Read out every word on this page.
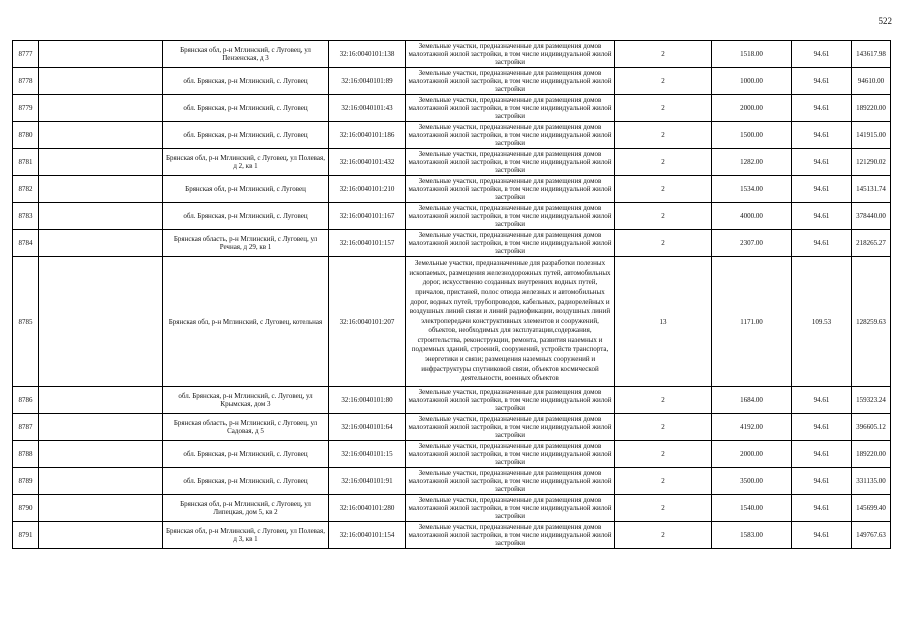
522
8777		Брянская обл, р-н Мглинский, с Луговец, ул Пензенская, д 3	32:16:0040101:138	Земельные участки, предназначенные для размещения домов малоэтажной жилой застройки, в том числе индивидуальной жилой застройки	2	1518.00	94.61	143617.98
8778		обл. Брянская, р-н Мглинский, с. Луговец	32:16:0040101:89	Земельные участки, предназначенные для размещения домов малоэтажной жилой застройки, в том числе индивидуальной жилой застройки	2	1000.00	94.61	94610.00
8779		обл. Брянская, р-н Мглинский, с. Луговец	32:16:0040101:43	Земельные участки, предназначенные для размещения домов малоэтажной жилой застройки, в том числе индивидуальной жилой застройки	2	2000.00	94.61	189220.00
8780		обл. Брянская, р-н Мглинский, с. Луговец	32:16:0040101:186	Земельные участки, предназначенные для размещения домов малоэтажной жилой застройки, в том числе индивидуальной жилой застройки	2	1500.00	94.61	141915.00
8781		Брянская обл, р-н Мглинский, с Луговец, ул Полевая, д 2, кв 1	32:16:0040101:432	Земельные участки, предназначенные для размещения домов малоэтажной жилой застройки, в том числе индивидуальной жилой застройки	2	1282.00	94.61	121290.02
8782		Брянская обл, р-н Мглинский, с Луговец	32:16:0040101:210	Земельные участки, предназначенные для размещения домов малоэтажной жилой застройки, в том числе индивидуальной жилой застройки	2	1534.00	94.61	145131.74
8783		обл. Брянская, р-н Мглинский, с. Луговец	32:16:0040101:167	Земельные участки, предназначенные для размещения домов малоэтажной жилой застройки, в том числе индивидуальной жилой застройки	2	4000.00	94.61	378440.00
8784		Брянская область, р-н Мглинский, с Луговец, ул Речная, д 29, кв 1	32:16:0040101:157	Земельные участки, предназначенные для размещения домов малоэтажной жилой застройки, в том числе индивидуальной жилой застройки	2	2307.00	94.61	218265.27
8785		Брянская обл, р-н Мглинский, с Луговец, котельная	32:16:0040101:207	Земельные участки, предназначенные для разработки полезных ископаемых, размещения железнодорожных путей, автомобильных дорог, искусственно созданных внутренних водных путей, причалов, пристаней, полос отвода железных и автомобильных дорог, водных путей, трубопроводов, кабельных, радиорелейных и воздушных линий связи и линий радиофикации, воздушных линий электропередачи конструктивных элементов и сооружений, объектов, необходимых для эксплуатации,содержания, строительства, реконструкции, ремонта, развития наземных и подземных зданий, строений, сооружений, устройств транспорта, энергетики и связи; размещения наземных сооружений и инфраструктуры спутниковой связи, объектов космической деятельности, военных объектов	13	1171.00	109.53	128259.63
8786		обл. Брянская, р-н Мглинский, с. Луговец, ул Крымская, дом 3	32:16:0040101:80	Земельные участки, предназначенные для размещения домов малоэтажной жилой застройки, в том числе индивидуальной жилой застройки	2	1684.00	94.61	159323.24
8787		Брянская область, р-н Мглинский, с Луговец, ул Садовая, д 5	32:16:0040101:64	Земельные участки, предназначенные для размещения домов малоэтажной жилой застройки, в том числе индивидуальной жилой застройки	2	4192.00	94.61	396605.12
8788		обл. Брянская, р-н Мглинский, с. Луговец	32:16:0040101:15	Земельные участки, предназначенные для размещения домов малоэтажной жилой застройки, в том числе индивидуальной жилой застройки	2	2000.00	94.61	189220.00
8789		обл. Брянская, р-н Мглинский, с. Луговец	32:16:0040101:91	Земельные участки, предназначенные для размещения домов малоэтажной жилой застройки, в том числе индивидуальной жилой застройки	2	3500.00	94.61	331135.00
8790		Брянская обл, р-н Мглинский, с Луговец, ул Липецкая, дом 5, кв 2	32:16:0040101:280	Земельные участки, предназначенные для размещения домов малоэтажной жилой застройки, в том числе индивидуальной жилой застройки	2	1540.00	94.61	145699.40
8791		Брянская обл, р-н Мглинский, с Луговец, ул Полевая, д 3, кв 1	32:16:0040101:154	Земельные участки, предназначенные для размещения домов малоэтажной жилой застройки, в том числе индивидуальной жилой застройки	2	1583.00	94.61	149767.63
